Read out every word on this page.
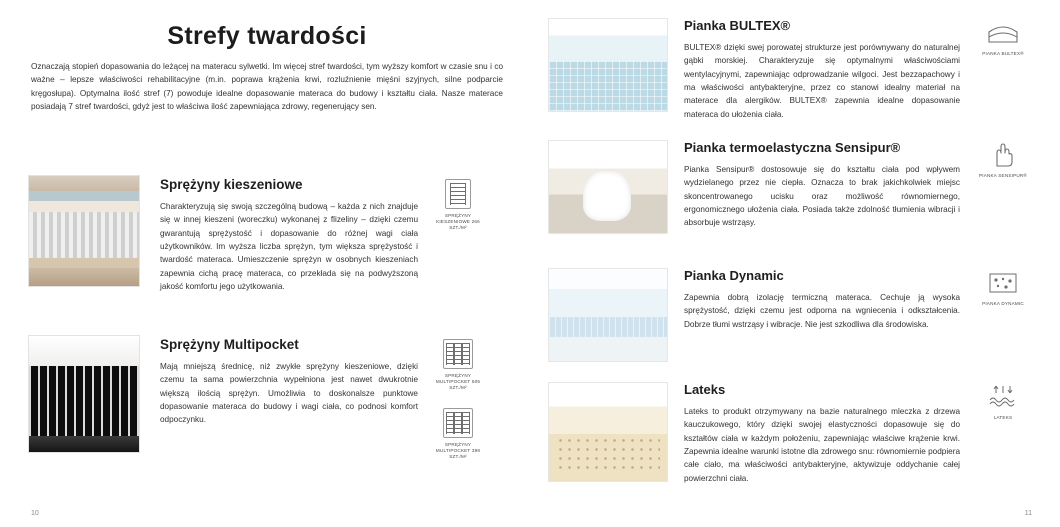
Strefy twardości
Oznaczają stopień dopasowania do leżącej na materacu sylwetki. Im więcej stref twardości, tym wyższy komfort w czasie snu i co ważne – lepsze właściwości rehabilitacyjne (m.in. poprawa krążenia krwi, rozluźnienie mięśni szyjnych, silne podparcie kręgosłupa). Optymalna ilość stref (7) powoduje idealne dopasowanie materaca do budowy i kształtu ciała. Nasze materace posiadają 7 stref twardości, gdyż jest to właściwa ilość zapewniająca zdrowy, regenerujący sen.
Sprężyny kieszeniowe
Charakteryzują się swoją szczególną budową – każda z nich znajduje się w innej kieszeni (woreczku) wykonanej z flizeliny – dzięki czemu gwarantują sprężystość i dopasowanie do różnej wagi ciała użytkowników. Im wyższa liczba sprężyn, tym większa sprężystość i twardość materaca. Umieszczenie sprężyn w osobnych kieszeniach zapewnia cichą pracę materaca, co przekłada się na podwyższoną jakość komfortu jego użytkowania.
SPRĘŻYNY KIESZENIOWE 266 SZT./M²
Sprężyny Multipocket
Mają mniejszą średnicę, niż zwykłe sprężyny kieszeniowe, dzięki czemu ta sama powierzchnia wypełniona jest nawet dwukrotnie większą ilością sprężyn. Umożliwia to doskonalsze punktowe dopasowanie materaca do budowy i wagi ciała, co podnosi komfort odpoczynku.
SPRĘŻYNY MULTIPOCKET 505 SZT./M²
SPRĘŻYNY MULTIPOCKET 398 SZT./M²
10
Pianka BULTEX®
BULTEX® dzięki swej porowatej strukturze jest porównywany do naturalnej gąbki morskiej. Charakteryzuje się optymalnymi właściwościami wentylacyjnymi, zapewniając odprowadzanie wilgoci. Jest bezzapachowy i ma właściwości antybakteryjne, przez co stanowi idealny materiał na materace dla alergików. BULTEX® zapewnia idealne dopasowanie materaca do ułożenia ciała.
PIANKA BULTEX®
Pianka termoelastyczna Sensipur®
Pianka Sensipur® dostosowuje się do kształtu ciała pod wpływem wydzielanego przez nie ciepła. Oznacza to brak jakichkolwiek miejsc skoncentrowanego ucisku oraz możliwość równomiernego, ergonomicznego ułożenia ciała. Posiada także zdolność tłumienia wibracji i absorbuje wstrząsy.
PIANKA SENSIPUR®
Pianka Dynamic
Zapewnia dobrą izolację termiczną materaca. Cechuje ją wysoka sprężystość, dzięki czemu jest odporna na wgniecenia i odkształcenia. Dobrze tłumi wstrząsy i wibracje. Nie jest szkodliwa dla środowiska.
PIANKA DYNAMIC
Lateks
Lateks to produkt otrzymywany na bazie naturalnego mleczka z drzewa kauczukowego, który dzięki swojej elastyczności dopasowuje się do kształtów ciała w każdym położeniu, zapewniając właściwe krążenie krwi. Zapewnia idealne warunki istotne dla zdrowego snu: równomiernie podpiera całe ciało, ma właściwości antybakteryjne, aktywizuje oddychanie całej powierzchni ciała.
LATEKS
11
